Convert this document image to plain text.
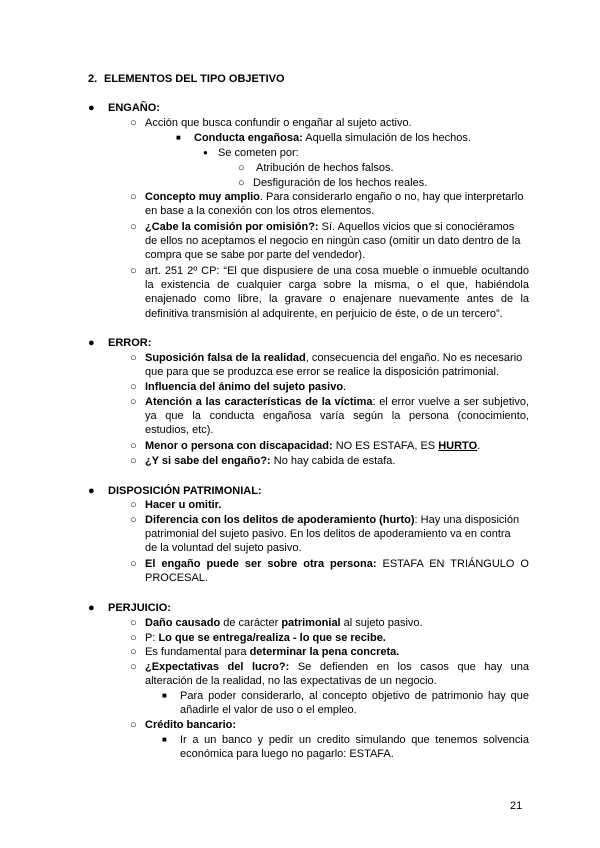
2. ELEMENTOS DEL TIPO OBJETIVO
● ENGAÑO:
○ Acción que busca confundir o engañar al sujeto activo.
■ Conducta engañosa: Aquella simulación de los hechos.
● Se cometen por:
○ Atribución de hechos falsos.
○ Desfiguración de los hechos reales.
○ Concepto muy amplio. Para considerarlo engaño o no, hay que interpretarlo
en base a la conexión con los otros elementos.
○ ¿Cabe la comisión por omisión?: Sí. Aquellos vicios que si conociéramos
de ellos no aceptamos el negocio en ningún caso (omitir un dato dentro de la
compra que se sabe por parte del vendedor).
○ art. 251 2º CP: “El que dispusiere de una cosa mueble o inmueble ocultando
la existencia de cualquier carga sobre la misma, o el que, habiéndola
enajenado como libre, la gravare o enajenare nuevamente antes de la
definitiva transmisión al adquirente, en perjuicio de éste, o de un tercero”.
● ERROR:
○ Suposición falsa de la realidad, consecuencia del engaño. No es necesario
que para que se produzca ese error se realice la disposición patrimonial.
○ Influencia del ánimo del sujeto pasivo.
○ Atención a las características de la víctima: el error vuelve a ser subjetivo,
ya que la conducta engañosa varía según la persona (conocimiento,
estudios, etc).
○ Menor o persona con discapacidad: NO ES ESTAFA, ES HURTO.
○ ¿Y si sabe del engaño?: No hay cabida de estafa.
● DISPOSICIÓN PATRIMONIAL:
○ Hacer u omitir.
○ Diferencia con los delitos de apoderamiento (hurto): Hay una disposición
patrimonial del sujeto pasivo. En los delitos de apoderamiento va en contra
de la voluntad del sujeto pasivo.
○ El engaño puede ser sobre otra persona: ESTAFA EN TRIÁNGULO O
PROCESAL.
● PERJUICIO:
○ Daño causado de carácter patrimonial al sujeto pasivo.
○ P: Lo que se entrega/realiza - lo que se recibe.
○ Es fundamental para determinar la pena concreta.
○ ¿Expectativas del lucro?: Se defienden en los casos que hay una
alteración de la realidad, no las expectativas de un negocio.
■ Para poder considerarlo, al concepto objetivo de patrimonio hay que
añadirle el valor de uso o el empleo.
○ Crédito bancario:
■ Ir a un banco y pedir un credito simulando que tenemos solvencia
económica para luego no pagarlo: ESTAFA.
21
